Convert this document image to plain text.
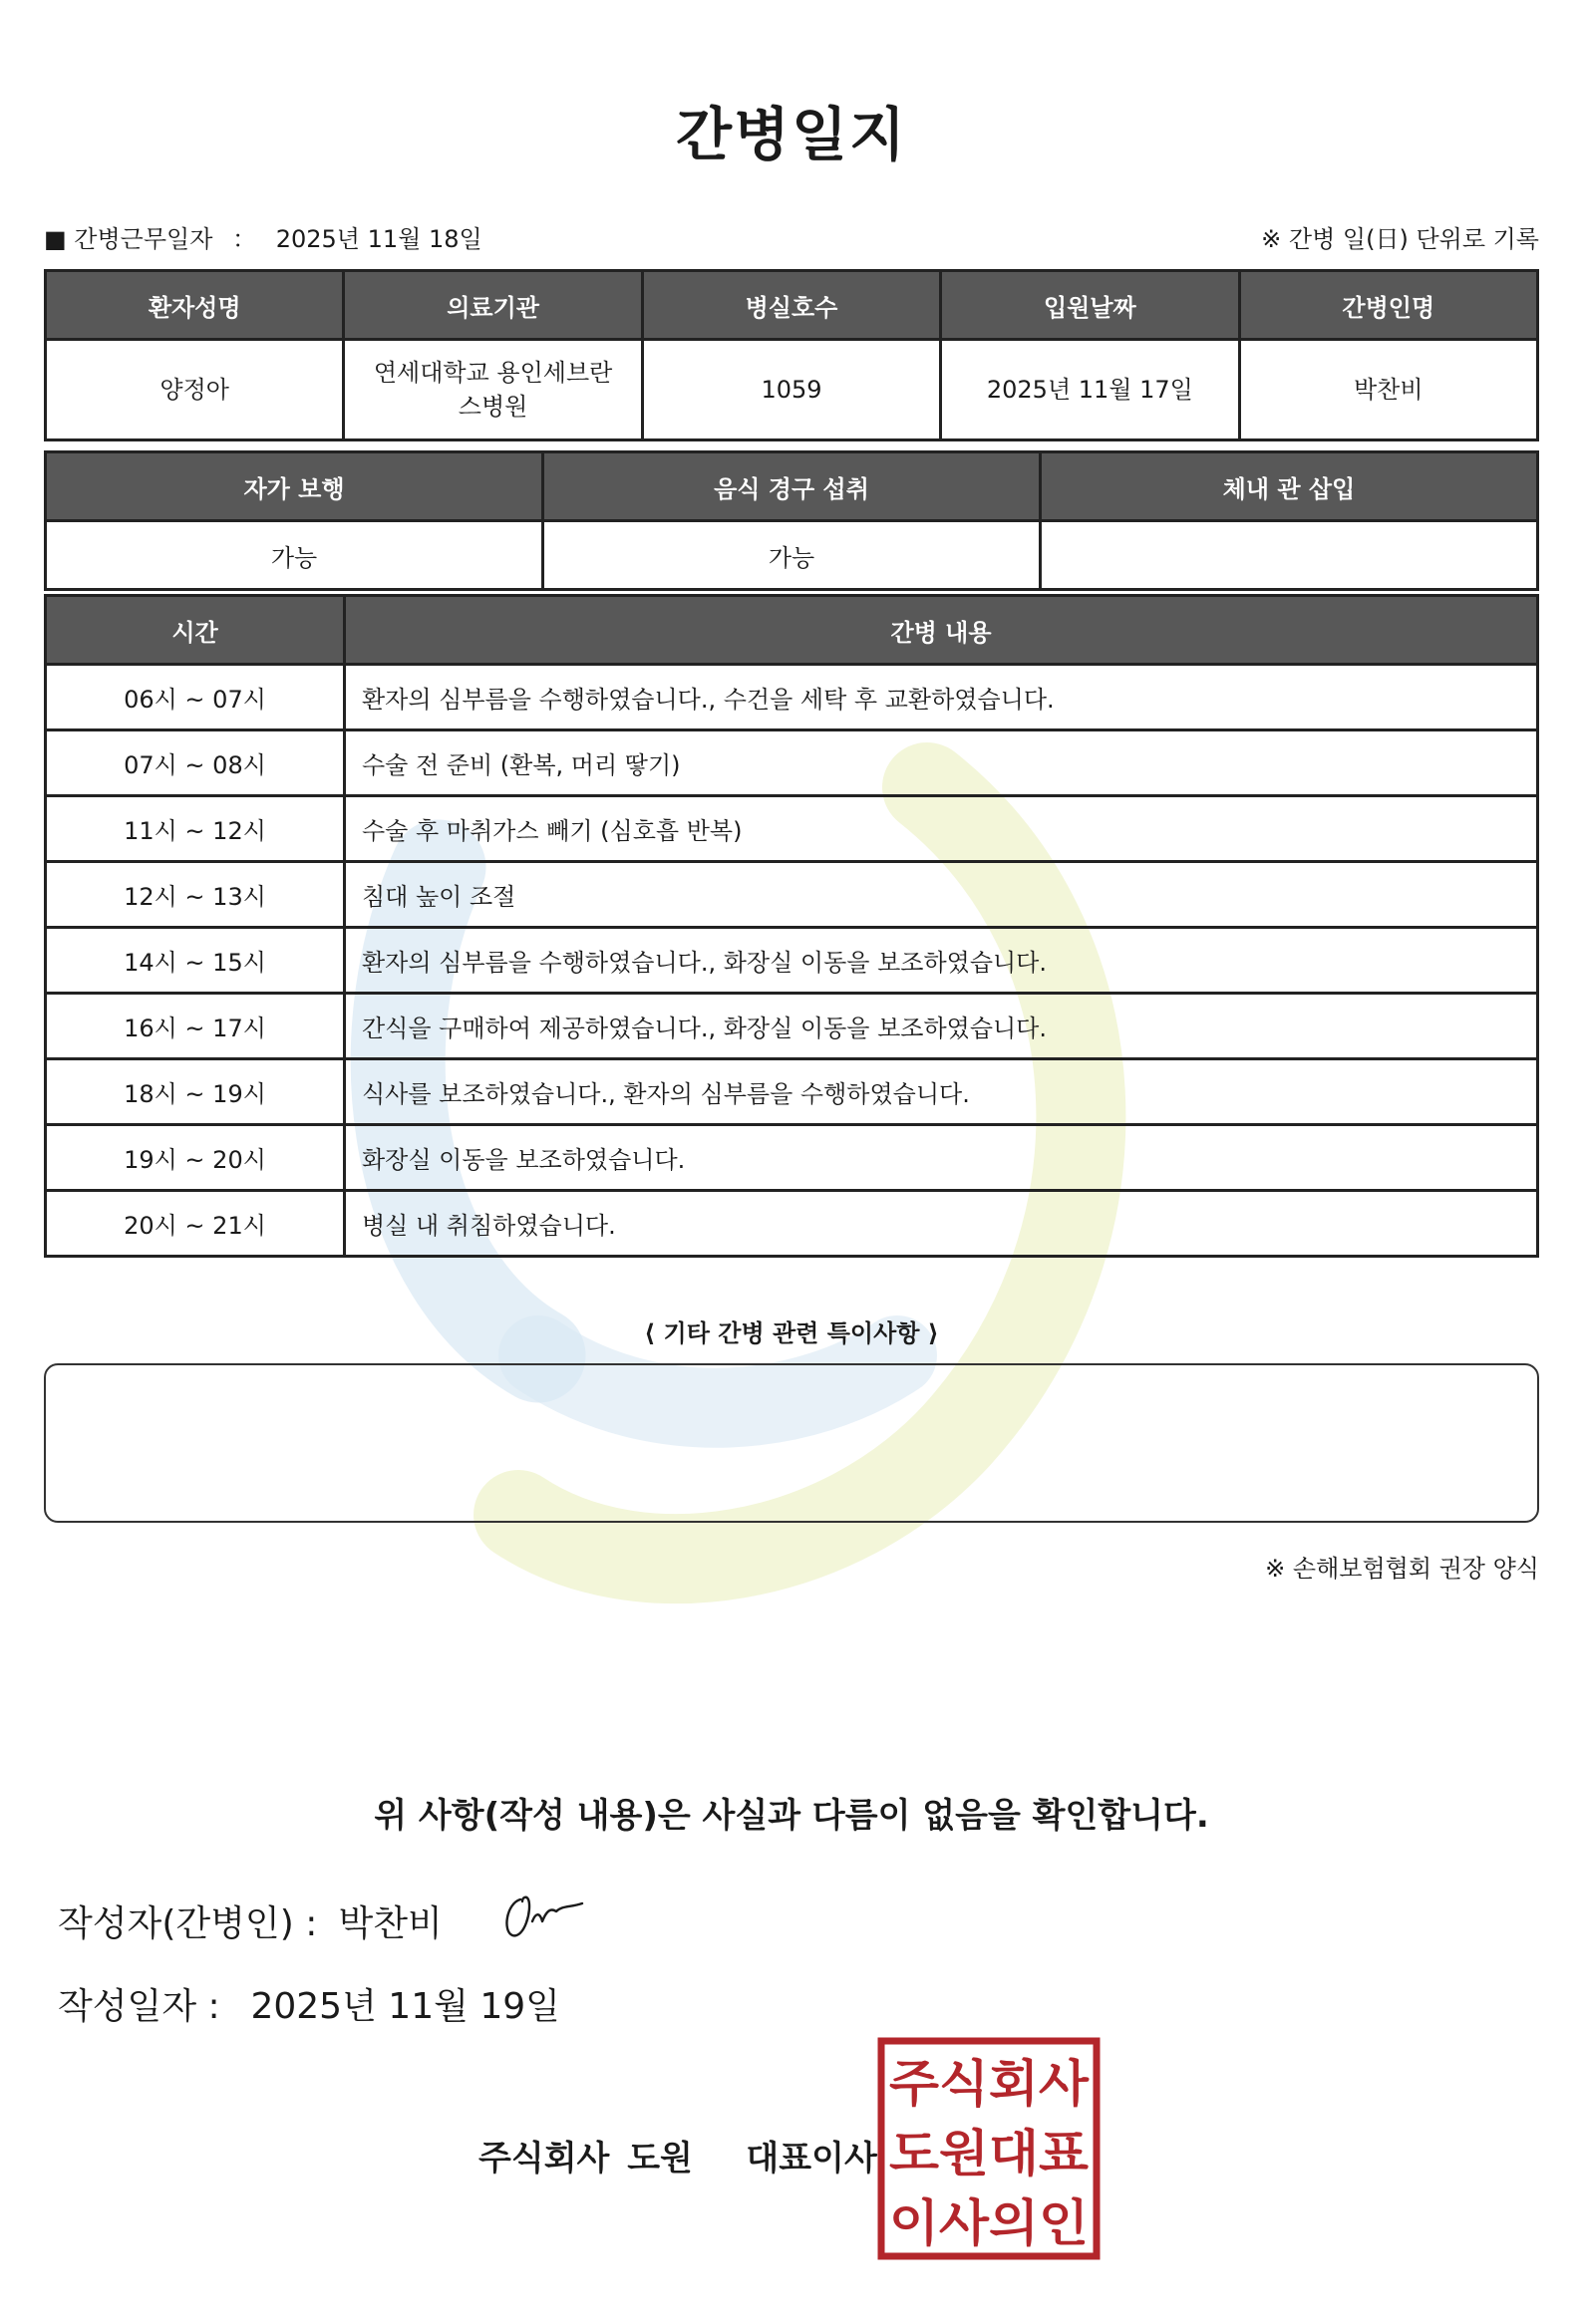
간병일지
■ 간병근무일자 ： 2025년 11월 18일	※ 간병 일(日) 단위로 기록
환자성명	의료기관	병실호수	입원날짜	간병인명
양정아	연세대학교 용인세브란스병원	1059	2025년 11월 17일	박찬비
자가 보행	음식 경구 섭취	체내 관 삽입
가능	가능	
시간	간병 내용
06시 ~ 07시	환자의 심부름을 수행하였습니다., 수건을 세탁 후 교환하였습니다.
07시 ~ 08시	수술 전 준비 (환복, 머리 땋기)
11시 ~ 12시	수술 후 마취가스 빼기 (심호흡 반복)
12시 ~ 13시	침대 높이 조절
14시 ~ 15시	환자의 심부름을 수행하였습니다., 화장실 이동을 보조하였습니다.
16시 ~ 17시	간식을 구매하여 제공하였습니다., 화장실 이동을 보조하였습니다.
18시 ~ 19시	식사를 보조하였습니다., 환자의 심부름을 수행하였습니다.
19시 ~ 20시	화장실 이동을 보조하였습니다.
20시 ~ 21시	병실 내 취침하였습니다.
⟨ 기타 간병 관련 특이사항 ⟩
※ 손해보험협회 권장 양식
위 사항(작성 내용)은 사실과 다름이 없음을 확인합니다.
작성자(간병인) : 박찬비
작성일자 : 2025년 11월 19일
주식회사 도원   대표이사
주식회사
도원대표
이사의인
